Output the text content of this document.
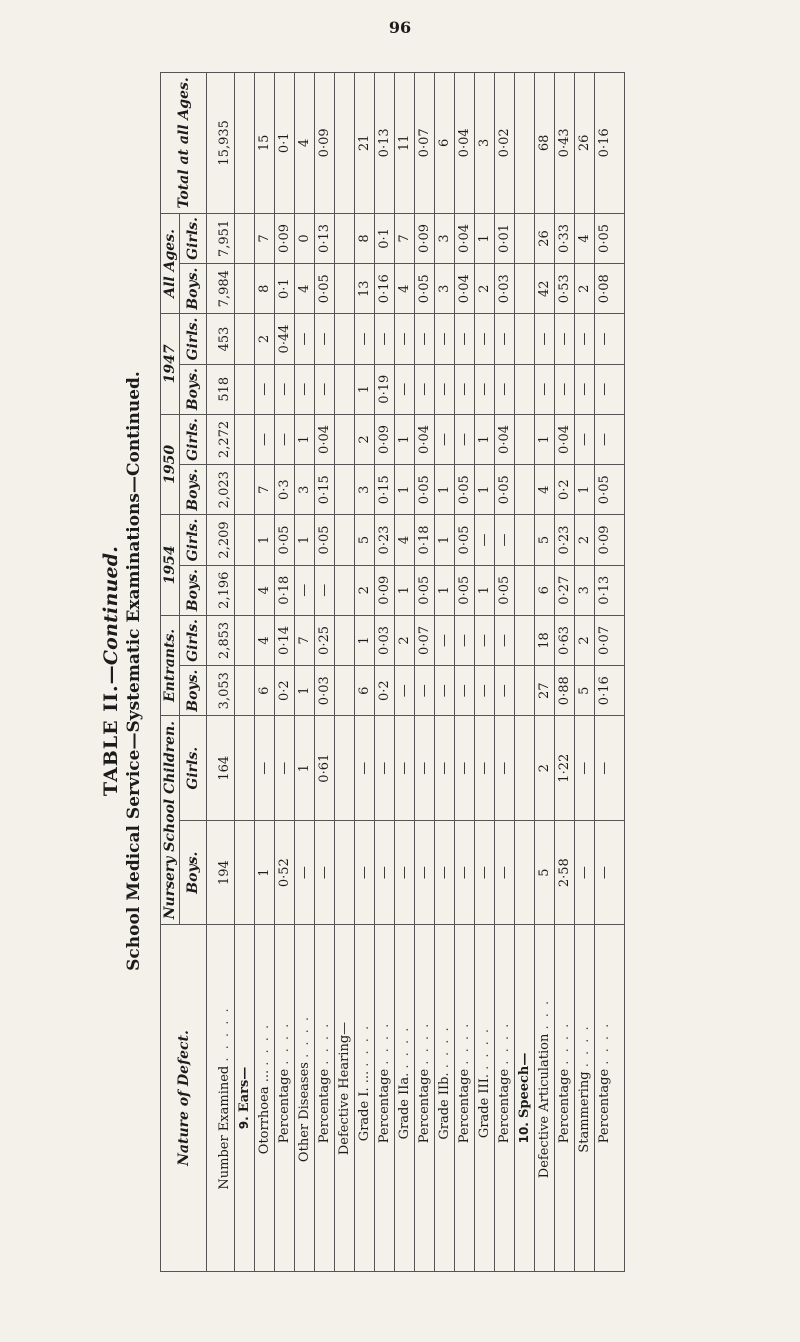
96
TABLE II.—Continued. School Medical Service—Systematic Examinations—Continued.
Nature of Defect.	Nursery School Children.		Entrants.		1954		1950		1947		All Ages.		Total at all Ages.
	Boys.	Girls.	Boys.	Girls.	Boys.	Girls.	Boys.	Girls.	Boys.	Girls.	Boys.	Girls.	
Number Examined . . . . .	194	164	3,053	2,853	2,196	2,209	2,023	2,272	518	453	7,984	7,951	15,935
9. Ears—													
Otorrhoea ... . . . .	1	—	6	4	4	1	7	—	—	2	8	7	15
Percentage . . . .	0·52	—	0·2	0·14	0·18	0·05	0·3	—	—	0·44	0·1	0·09	0·1
Other Diseases . . . .	—	1	1	7	—	1	3	1	—	—	4	0	4
Percentage . . . .	—	0·61	0·03	0·25	—	0·05	0·15	0·04	—	—	0·05	0·13	0·09
Defective Hearing—													
Grade I. ... . . . .	—	—	6	1	2	5	3	2	1	—	13	8	21
Percentage . . . .	—	—	0·2	0·03	0·09	0·23	0·15	0·09	0·19	—	0·16	0·1	0·13
Grade IIa. . . . .	—	—	—	2	1	4	1	1	—	—	4	7	11
Percentage . . . .	—	—	—	0·07	0·05	0·18	0·05	0·04	—	—	0·05	0·09	0·07
Grade IIb. . . . .	—	—	—	—	1	1	1	—	—	—	3	3	6
Percentage . . . .	—	—	—	—	0·05	0·05	0·05	—	—	—	0·04	0·04	0·04
Grade III. . . . .	—	—	—	—	1	—	1	1	—	—	2	1	3
Percentage . . . .	—	—	—	—	0·05	—	0·05	0·04	—	—	0·03	0·01	0·02
10. Speech—													
Defective Articulation . . .	5	2	27	18	6	5	4	1	—	—	42	26	68
Percentage . . . .	2·58	1·22	0·88	0·63	0·27	0·23	0·2	0·04	—	—	0·53	0·33	0·43
Stammering . . . .	—	—	5	2	3	2	1	—	—	—	2	4	26
Percentage . . . .	—	—	0·16	0·07	0·13	0·09	0·05	—	—	—	0·08	0·05	0·16
